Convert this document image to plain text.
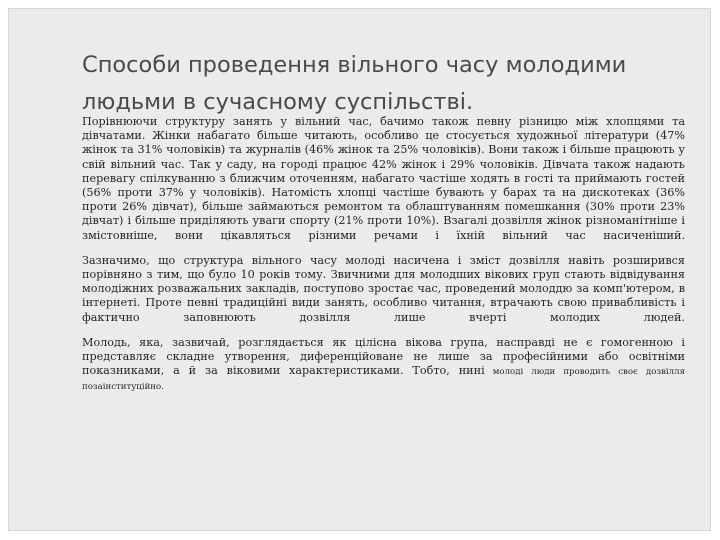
Способи проведення вільного часу молодими людьми в сучасному суспільстві.

Порівнюючи структуру занять у вільний час, бачимо також певну різницю між хлопцями та дівчатами. Жінки набагато більше читають, особливо це стосується художньої літератури (47% жінок та 31% чоловіків) та журналів (46% жінок та 25% чоловіків). Вони також і більше працюють у свій вільний час. Так у саду, на городі працює 42% жінок і 29% чоловіків. Дівчата також надають перевагу спілкуванню з ближчим оточенням, набагато частіше ходять в гості та приймають гостей (56% проти 37% у чоловіків). Натомість хлопці частіше бувають у барах та на дискотеках (36% проти 26% дівчат), більше займаються ремонтом та облаштуванням помешкання (30% проти 23% дівчат) і більше приділяють уваги спорту (21% проти 10%). Взагалі дозвілля жінок різноманітніше і змістовніше, вони цікавляться різними речами і їхній вільний час насиченіший.

Зазначимо, що структура вільного часу молоді насичена і зміст дозвілля навіть розширився порівняно з тим, що було 10 років тому. Звичними для молодших вікових груп стають відвідування молодіжних розважальних закладів, поступово зростає час, проведений молоддю за комп'ютером, в інтернеті. Проте певні традиційні види занять, особливо читання, втрачають свою привабливість і фактично заповнюють дозвілля лише вчерті молодих людей.

Молодь, яка, зазвичай, розглядається як цілісна вікова група, насправді не є гомогенною і представляє складне утворення, диференційоване не лише за професійними або освітніми показниками, а й за віковими характеристиками. Тобто, нині молоді люди проводить своє дозвілля позаінституційно.
